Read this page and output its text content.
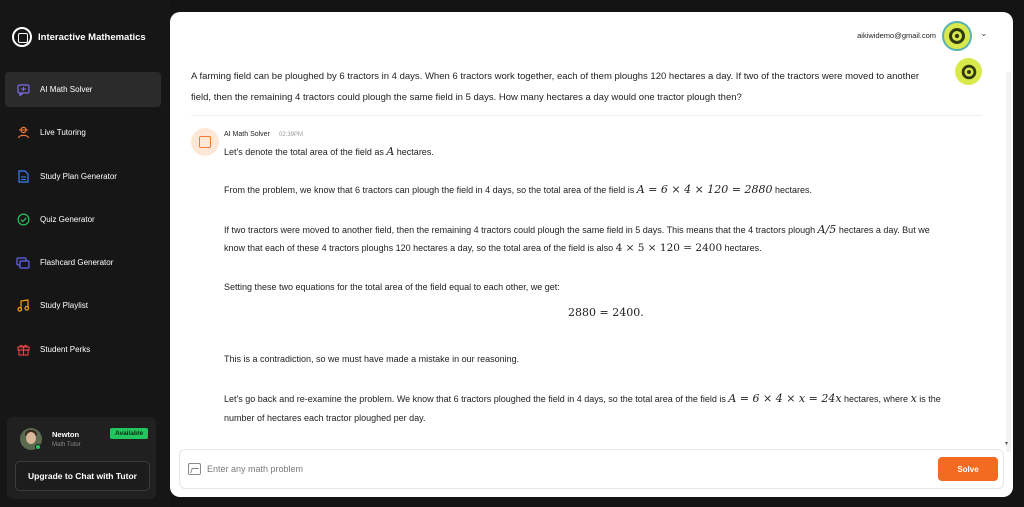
Interactive Mathematics
AI Math Solver
Live Tutoring
Study Plan Generator
Quiz Generator
Flashcard Generator
Study Playlist
Student Perks
Newton
Math Tutor
Available
Upgrade to Chat with Tutor
aikiwidemo@gmail.com	⌄
A farming field can be ploughed by 6 tractors in 4 days. When 6 tractors work together, each of them ploughs 120 hectares a day. If two of the tractors were moved to another field, then the remaining 4 tractors could plough the same field in 5 days. How many hectares a day would one tractor plough then?
AI Math Solver 02:39PM
Let's denote the total area of the field as A hectares.
From the problem, we know that 6 tractors can plough the field in 4 days, so the total area of the field is A = 6 × 4 × 120 = 2880 hectares.
If two tractors were moved to another field, then the remaining 4 tractors could plough the same field in 5 days. This means that the 4 tractors plough A/5 hectares a day. But we
know that each of these 4 tractors ploughs 120 hectares a day, so the total area of the field is also 4 × 5 × 120 = 2400 hectares.
Setting these two equations for the total area of the field equal to each other, we get:
2880 = 2400.
This is a contradiction, so we must have made a mistake in our reasoning.
Let's go back and re-examine the problem. We know that 6 tractors ploughed the field in 4 days, so the total area of the field is A = 6 × 4 × x = 24x hectares, where x is the
number of hectares each tractor ploughed per day.
▾
Enter any math problem
Solve
